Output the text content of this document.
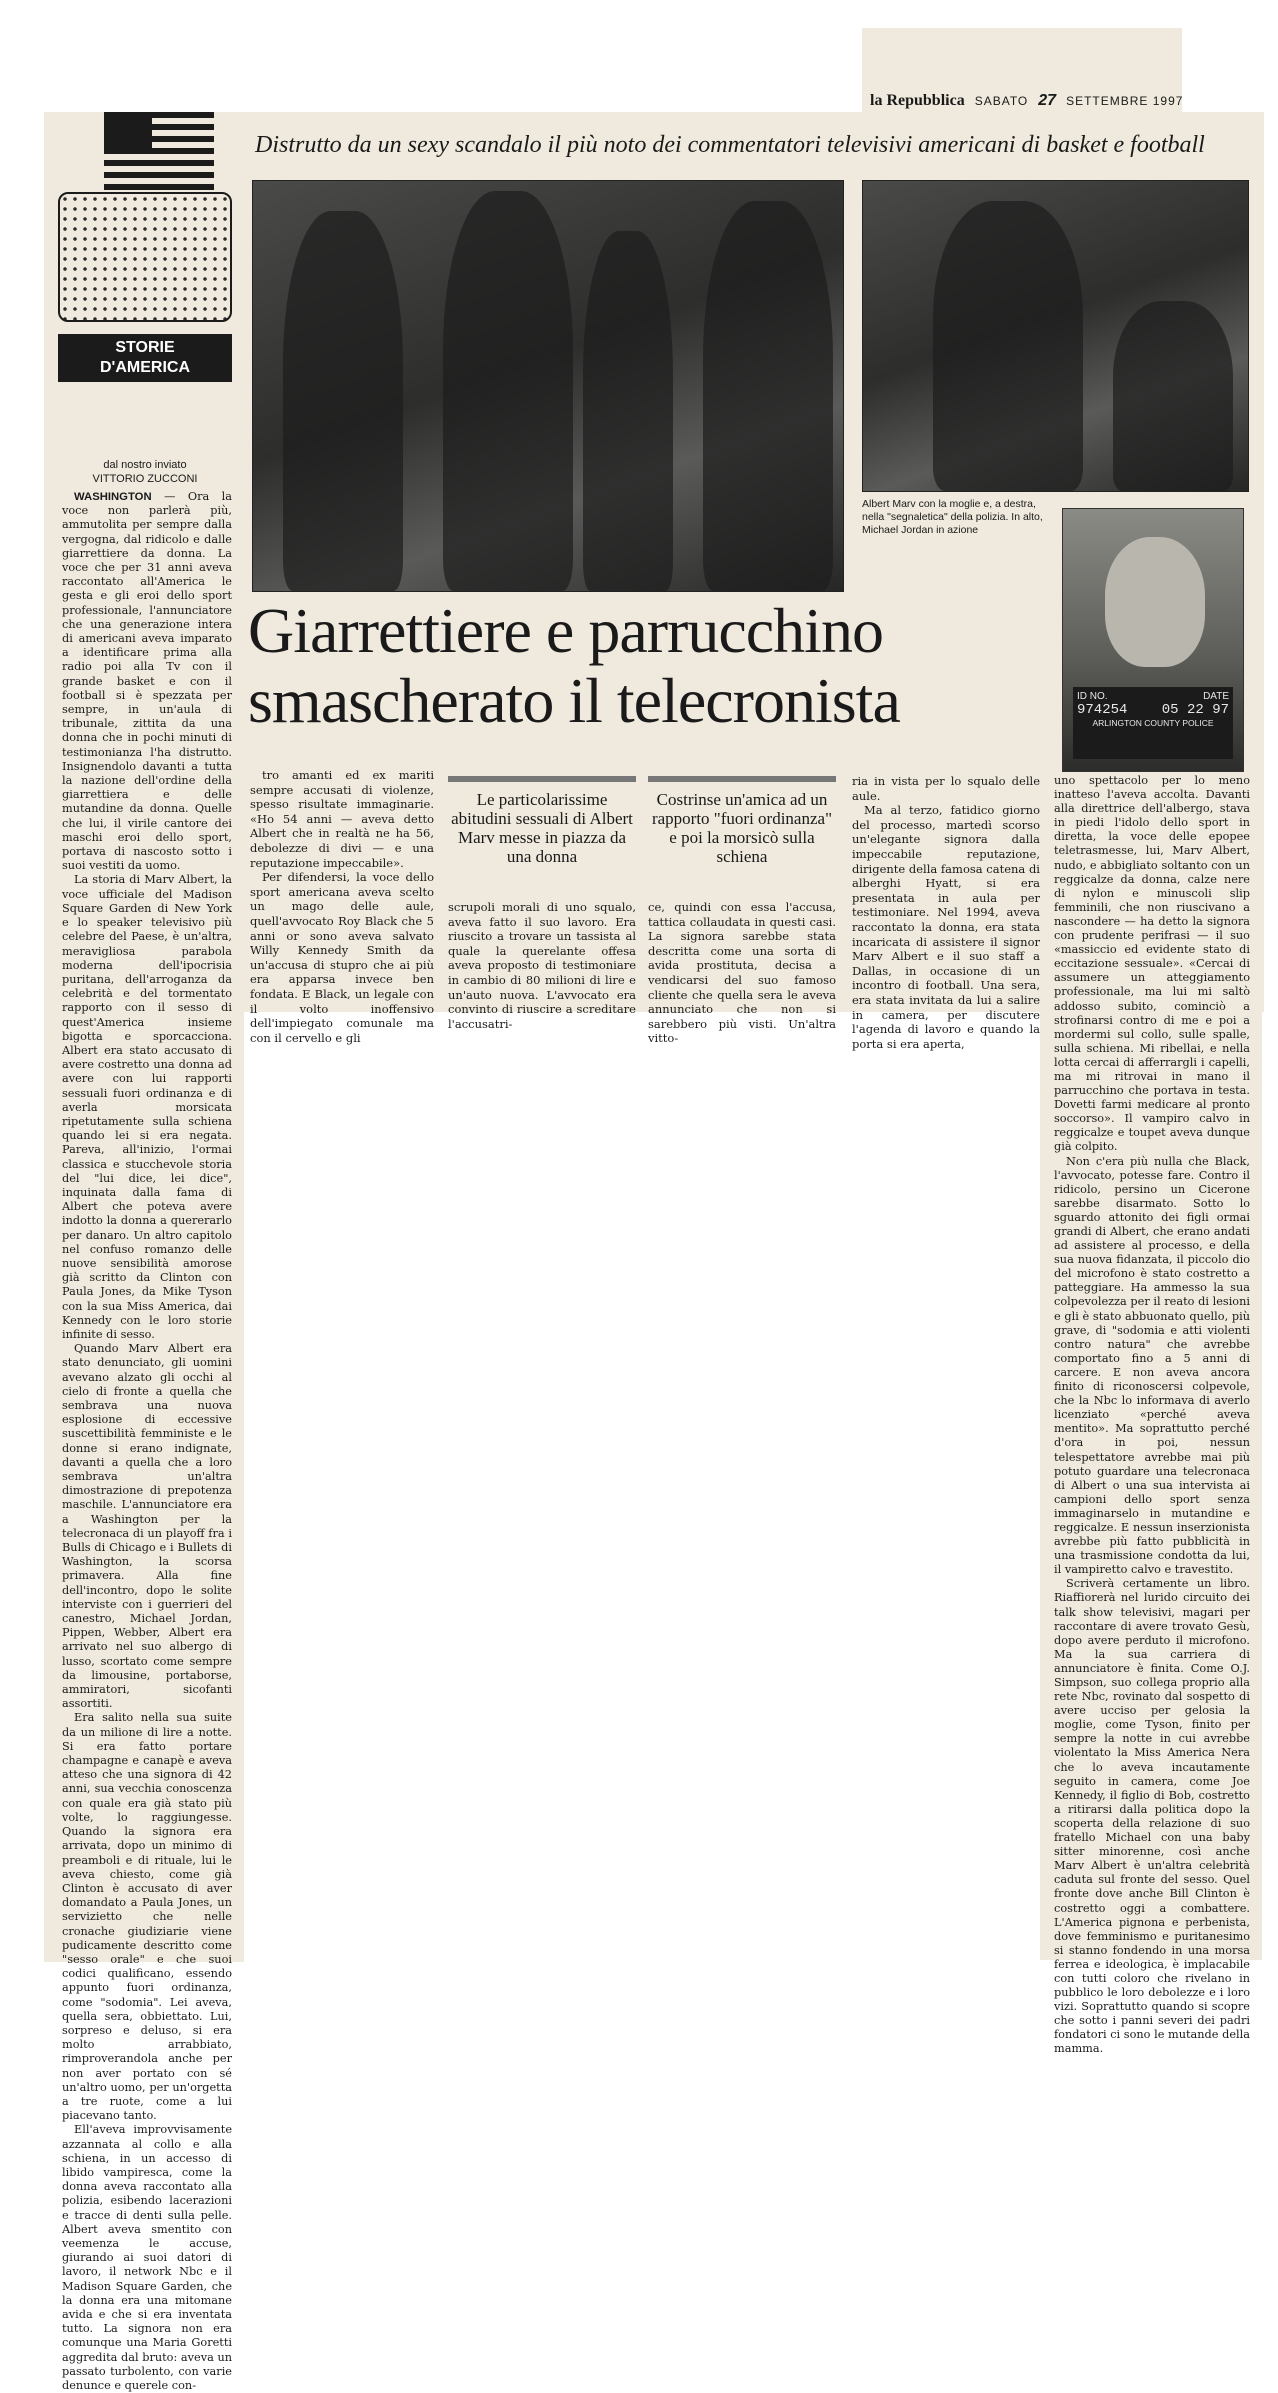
la Repubblica SABATO 27 SETTEMBRE 1997
Distrutto da un sexy scandalo il più noto dei commentatori televisivi americani di basket e football
STORIE
D'AMERICA
dal nostro inviato
VITTORIO ZUCCONI
Albert Marv con la moglie e, a destra, nella "segnaletica" della polizia. In alto, Michael Jordan in azione
ID NO.	DATE
974254 05 22 97
ARLINGTON COUNTY POLICE
Giarrettiere e parrucchino
smascherato il telecronista
Le particolarissime abitudini sessuali di Albert Marv messe in piazza da una donna
Costrinse un'amica ad un rapporto "fuori ordinanza" e poi la morsicò sulla schiena

WASHINGTON — Ora la voce non parlerà più, ammutolita per sempre dalla vergogna, dal ridicolo e dalle giarrettiere da donna. La voce che per 31 anni aveva raccontato all'America le gesta e gli eroi dello sport professionale, l'annunciatore che una generazione intera di americani aveva imparato a identificare prima alla radio poi alla Tv con il grande basket e con il football si è spezzata per sempre, in un'aula di tribunale, zittita da una donna che in pochi minuti di testimonianza l'ha distrutto. Insignendolo davanti a tutta la nazione dell'ordine della giarrettiera e delle mutandine da donna. Quelle che lui, il virile cantore dei maschi eroi dello sport, portava di nascosto sotto i suoi vestiti da uomo.

La storia di Marv Albert, la voce ufficiale del Madison Square Garden di New York e lo speaker televisivo più celebre del Paese, è un'altra, meravigliosa parabola moderna dell'ipocrisia puritana, dell'arroganza da celebrità e del tormentato rapporto con il sesso di quest'America insieme bigotta e sporcacciona. Albert era stato accusato di avere costretto una donna ad avere con lui rapporti sessuali fuori ordinanza e di averla morsicata ripetutamente sulla schiena quando lei si era negata. Pareva, all'inizio, l'ormai classica e stucchevole storia del "lui dice, lei dice", inquinata dalla fama di Albert che poteva avere indotto la donna a quererarlo per danaro. Un altro capitolo nel confuso romanzo delle nuove sensibilità amorose già scritto da Clinton con Paula Jones, da Mike Tyson con la sua Miss America, dai Kennedy con le loro storie infinite di sesso.

Quando Marv Albert era stato denunciato, gli uomini avevano alzato gli occhi al cielo di fronte a quella che sembrava una nuova esplosione di eccessive suscettibilità femministe e le donne si erano indignate, davanti a quella che a loro sembrava un'altra dimostrazione di prepotenza maschile. L'annunciatore era a Washington per la telecronaca di un playoff fra i Bulls di Chicago e i Bullets di Washington, la scorsa primavera. Alla fine dell'incontro, dopo le solite interviste con i guerrieri del canestro, Michael Jordan, Pippen, Webber, Albert era arrivato nel suo albergo di lusso, scortato come sempre da limousine, portaborse, ammiratori, sicofanti assortiti.

Era salito nella sua suite da un milione di lire a notte. Si era fatto portare champagne e canapè e aveva atteso che una signora di 42 anni, sua vecchia conoscenza con quale era già stato più volte, lo raggiungesse. Quando la signora era arrivata, dopo un minimo di preamboli e di rituale, lui le aveva chiesto, come già Clinton è accusato di aver domandato a Paula Jones, un servizietto che nelle cronache giudiziarie viene pudicamente descritto come "sesso orale" e che suoi codici qualificano, essendo appunto fuori ordinanza, come "sodomia". Lei aveva, quella sera, obbiettato. Lui, sorpreso e deluso, si era molto arrabbiato, rimproverandola anche per non aver portato con sé un'altro uomo, per un'orgetta a tre ruote, come a lui piacevano tanto.

Ell'aveva improvvisamente azzannata al collo e alla schiena, in un accesso di libido vampiresca, come la donna aveva raccontato alla polizia, esibendo lacerazioni e tracce di denti sulla pelle. Albert aveva smentito con veemenza le accuse, giurando ai suoi datori di lavoro, il network Nbc e il Madison Square Garden, che la donna era una mitomane avida e che si era inventata tutto. La signora non era comunque una Maria Goretti aggredita dal bruto: aveva un passato turbolento, con varie denunce e querele con-

tro amanti ed ex mariti sempre accusati di violenze, spesso risultate immaginarie. «Ho 54 anni — aveva detto Albert che in realtà ne ha 56, debolezze di divi — e una reputazione impeccabile».

Per difendersi, la voce dello sport americana aveva scelto un mago delle aule, quell'avvocato Roy Black che 5 anni or sono aveva salvato Willy Kennedy Smith da un'accusa di stupro che ai più era apparsa invece ben fondata. E Black, un legale con il volto inoffensivo dell'impiegato comunale ma con il cervello e gli

scrupoli morali di uno squalo, aveva fatto il suo lavoro. Era riuscito a trovare un tassista al quale la querelante offesa aveva proposto di testimoniare in cambio di 80 milioni di lire e un'auto nuova. L'avvocato era convinto di riuscire a screditare l'accusatri-

ce, quindi con essa l'accusa, tattica collaudata in questi casi. La signora sarebbe stata descritta come una sorta di avida prostituta, decisa a vendicarsi del suo famoso cliente che quella sera le aveva annunciato che non si sarebbero più visti. Un'altra vitto-

ria in vista per lo squalo delle aule.

Ma al terzo, fatidico giorno del processo, martedì scorso un'elegante signora dalla impeccabile reputazione, dirigente della famosa catena di alberghi Hyatt, si era presentata in aula per testimoniare. Nel 1994, aveva raccontato la donna, era stata incaricata di assistere il signor Marv Albert e il suo staff a Dallas, in occasione di un incontro di football. Una sera, era stata invitata da lui a salire in camera, per discutere l'agenda di lavoro e quando la porta si era aperta,

uno spettacolo per lo meno inatteso l'aveva accolta. Davanti alla direttrice dell'albergo, stava in piedi l'idolo dello sport in diretta, la voce delle epopee teletrasmesse, lui, Marv Albert, nudo, e abbigliato soltanto con un reggicalze da donna, calze nere di nylon e minuscoli slip femminili, che non riuscivano a nascondere — ha detto la signora con prudente perifrasi — il suo «massiccio ed evidente stato di eccitazione sessuale». «Cercai di assumere un atteggiamento professionale, ma lui mi saltò addosso subito, cominciò a strofinarsi contro di me e poi a mordermi sul collo, sulle spalle, sulla schiena. Mi ribellai, e nella lotta cercai di afferrargli i capelli, ma mi ritrovai in mano il parrucchino che portava in testa. Dovetti farmi medicare al pronto soccorso». Il vampiro calvo in reggicalze e toupet aveva dunque già colpito.

Non c'era più nulla che Black, l'avvocato, potesse fare. Contro il ridicolo, persino un Cicerone sarebbe disarmato. Sotto lo sguardo attonito dei figli ormai grandi di Albert, che erano andati ad assistere al processo, e della sua nuova fidanzata, il piccolo dio del microfono è stato costretto a patteggiare. Ha ammesso la sua colpevolezza per il reato di lesioni e gli è stato abbuonato quello, più grave, di "sodomia e atti violenti contro natura" che avrebbe comportato fino a 5 anni di carcere. E non aveva ancora finito di riconoscersi colpevole, che la Nbc lo informava di averlo licenziato «perché aveva mentito». Ma soprattutto perché d'ora in poi, nessun telespettatore avrebbe mai più potuto guardare una telecronaca di Albert o una sua intervista ai campioni dello sport senza immaginarselo in mutandine e reggicalze. E nessun inserzionista avrebbe più fatto pubblicità in una trasmissione condotta da lui, il vampiretto calvo e travestito.

Scriverà certamente un libro. Riaffiorerà nel lurido circuito dei talk show televisivi, magari per raccontare di avere trovato Gesù, dopo avere perduto il microfono. Ma la sua carriera di annunciatore è finita. Come O.J. Simpson, suo collega proprio alla rete Nbc, rovinato dal sospetto di avere ucciso per gelosia la moglie, come Tyson, finito per sempre la notte in cui avrebbe violentato la Miss America Nera che lo aveva incautamente seguito in camera, come Joe Kennedy, il figlio di Bob, costretto a ritirarsi dalla politica dopo la scoperta della relazione di suo fratello Michael con una baby sitter minorenne, così anche Marv Albert è un'altra celebrità caduta sul fronte del sesso. Quel fronte dove anche Bill Clinton è costretto oggi a combattere. L'America pignona e perbenista, dove femminismo e puritanesimo si stanno fondendo in una morsa ferrea e ideologica, è implacabile con tutti coloro che rivelano in pubblico le loro debolezze e i loro vizi. Soprattutto quando si scopre che sotto i panni severi dei padri fondatori ci sono le mutande della mamma.
